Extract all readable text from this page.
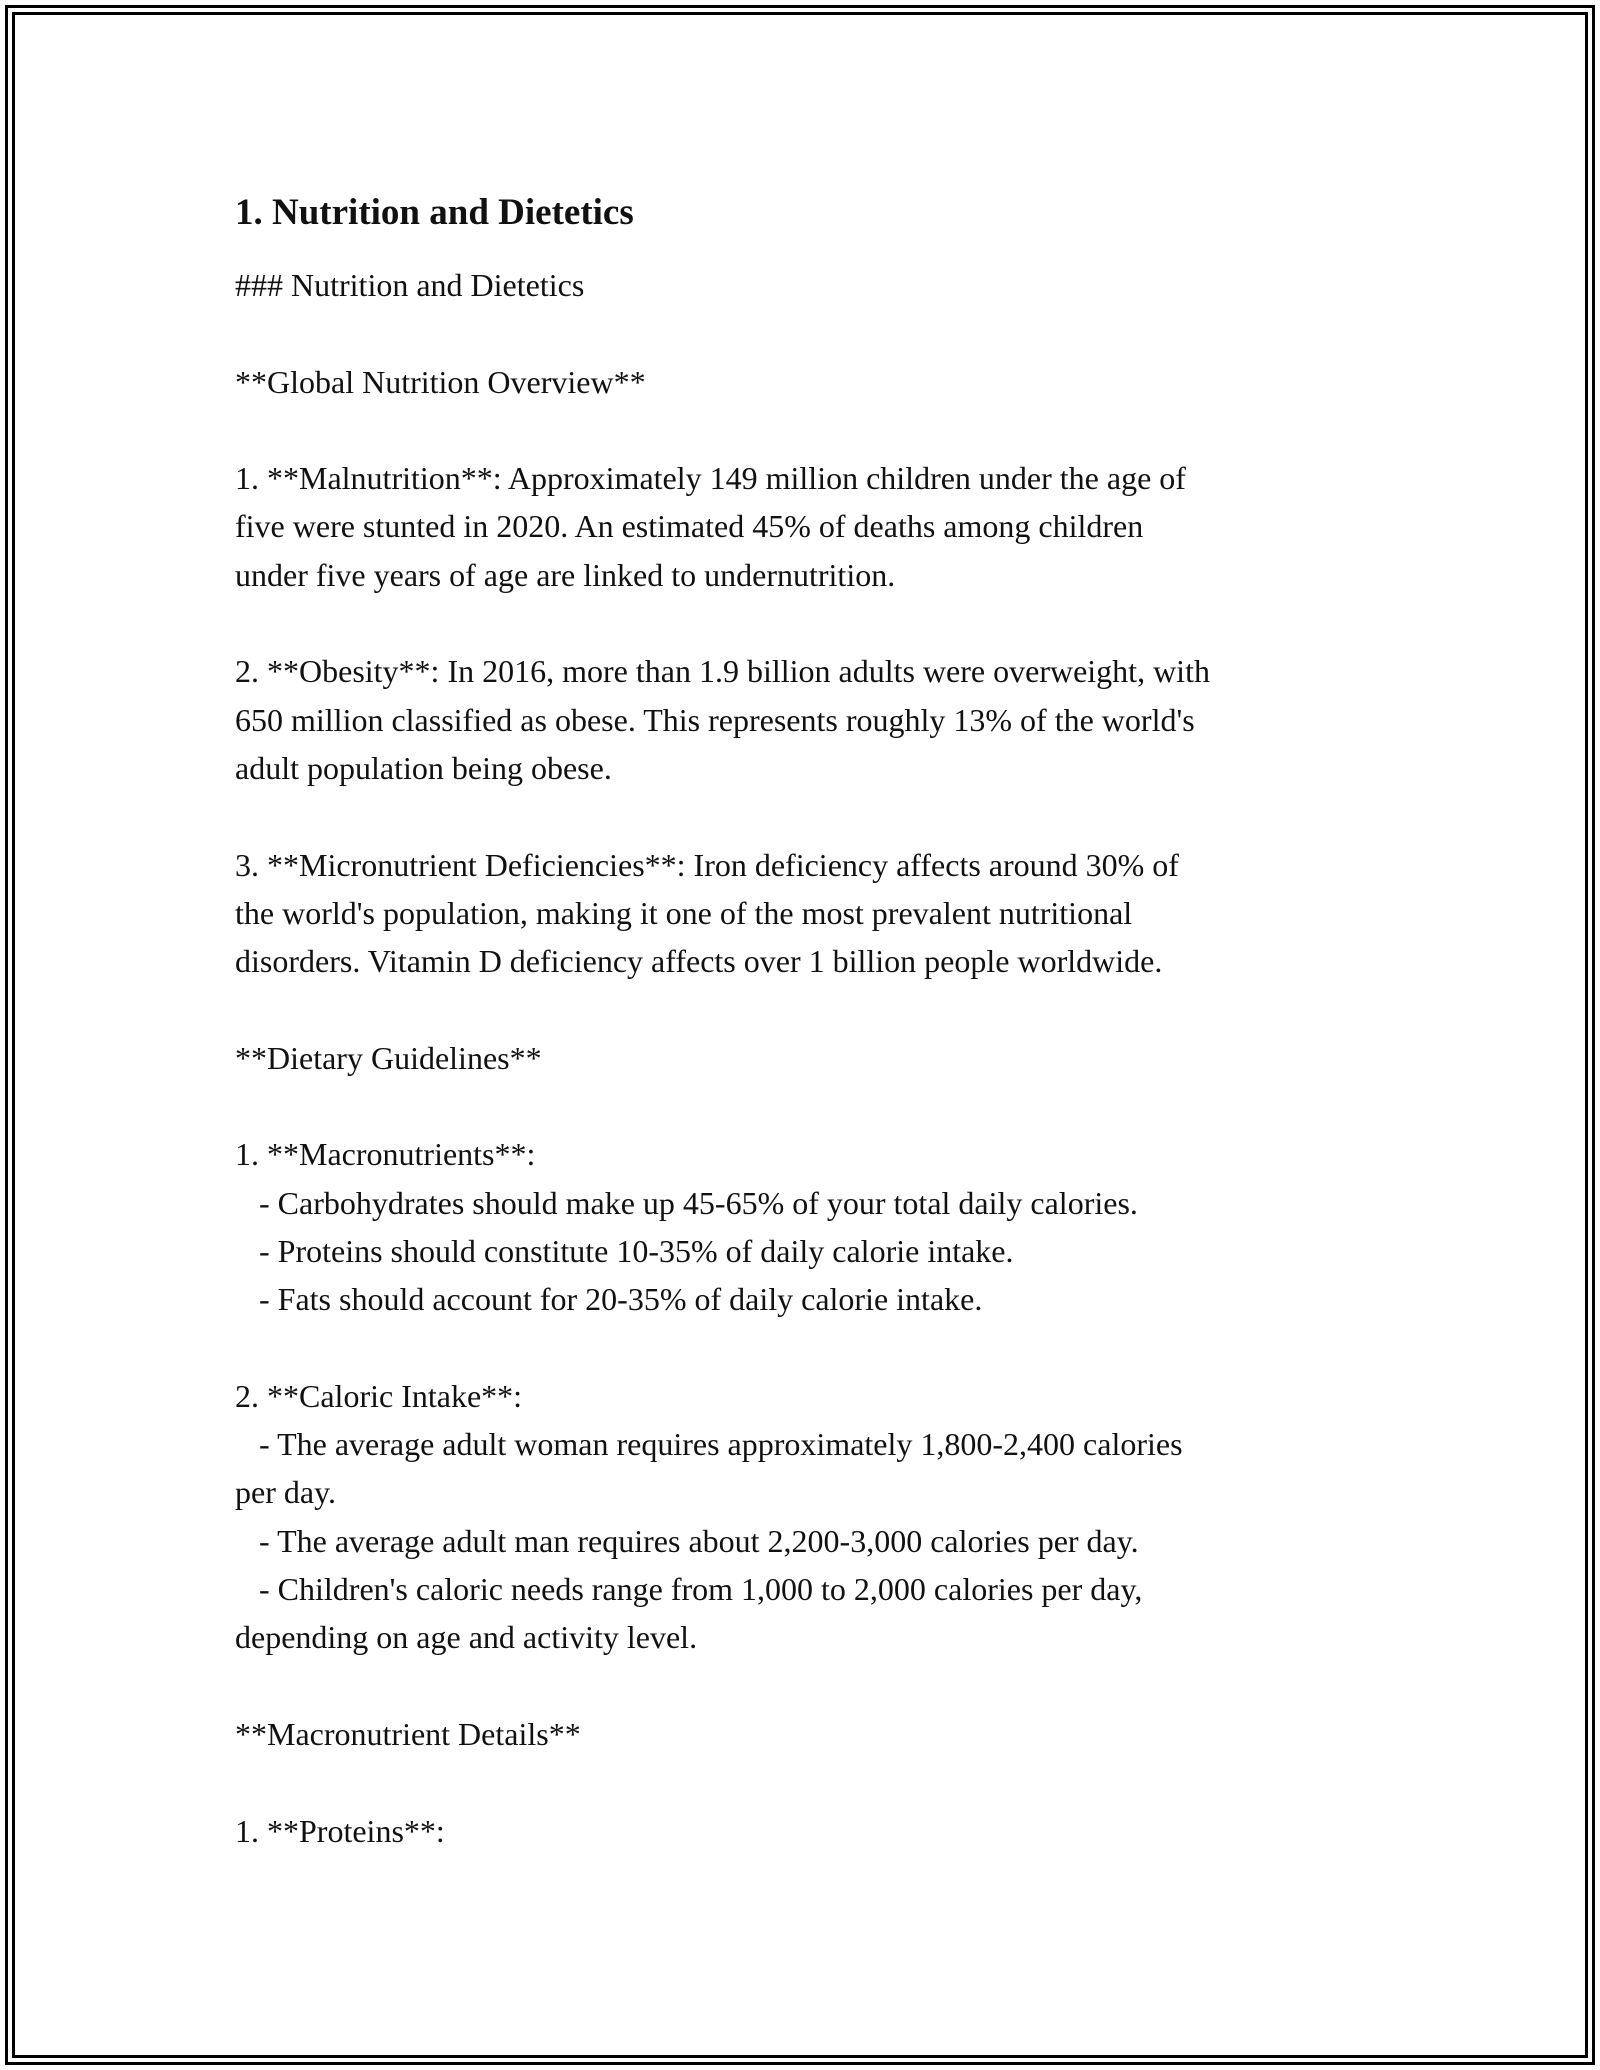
1. Nutrition and Dietetics

### Nutrition and Dietetics

**Global Nutrition Overview**

1. **Malnutrition**: Approximately 149 million children under the age of

five were stunted in 2020. An estimated 45% of deaths among children

under five years of age are linked to undernutrition.

2. **Obesity**: In 2016, more than 1.9 billion adults were overweight, with

650 million classified as obese. This represents roughly 13% of the world's

adult population being obese.

3. **Micronutrient Deficiencies**: Iron deficiency affects around 30% of

the world's population, making it one of the most prevalent nutritional

disorders. Vitamin D deficiency affects over 1 billion people worldwide.

**Dietary Guidelines**

1. **Macronutrients**:

- Carbohydrates should make up 45-65% of your total daily calories.

- Proteins should constitute 10-35% of daily calorie intake.

- Fats should account for 20-35% of daily calorie intake.

2. **Caloric Intake**:

- The average adult woman requires approximately 1,800-2,400 calories

per day.

- The average adult man requires about 2,200-3,000 calories per day.

- Children's caloric needs range from 1,000 to 2,000 calories per day,

depending on age and activity level.

**Macronutrient Details**

1. **Proteins**:
